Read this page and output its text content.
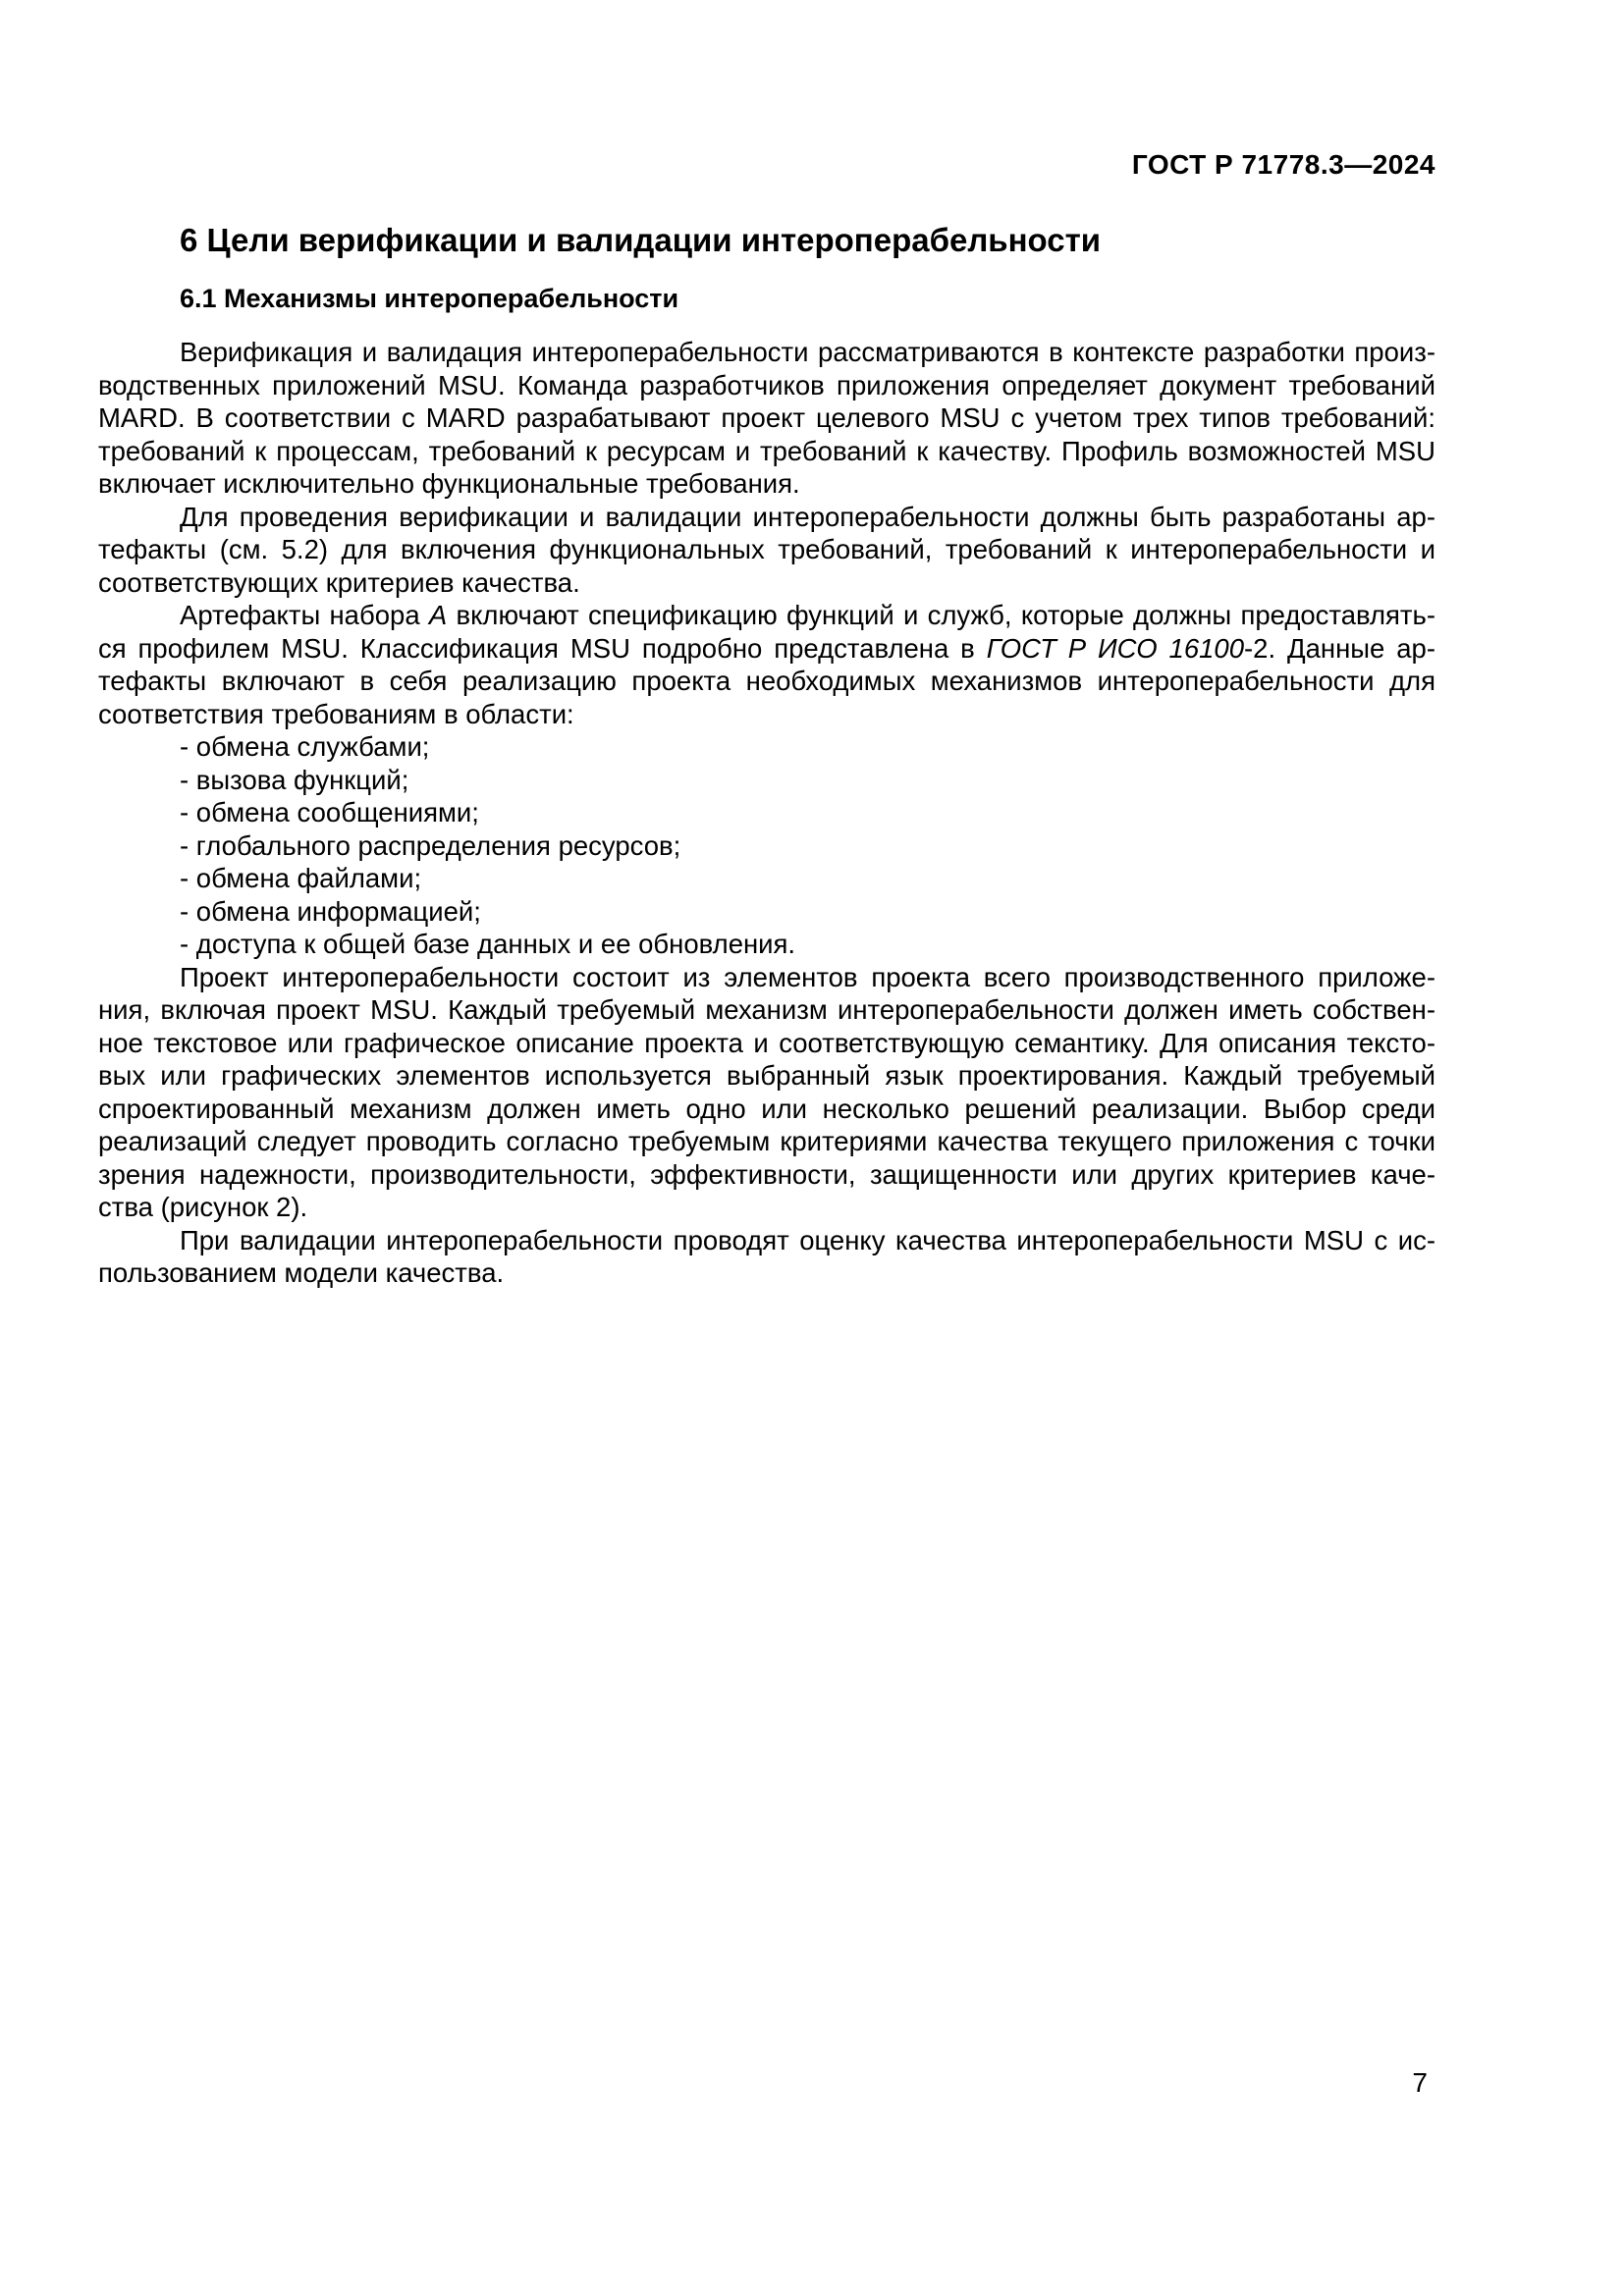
ГОСТ Р 71778.3—2024
6 Цели верификации и валидации интероперабельности
6.1 Механизмы интероперабельности
Верификация и валидация интероперабельности рассматриваются в контексте разработки произ-
водственных приложений MSU. Команда разработчиков приложения определяет документ требований
MARD. В соответствии с MARD разрабатывают проект целевого MSU с учетом трех типов требований:
требований к процессам, требований к ресурсам и требований к качеству. Профиль возможностей MSU
включает исключительно функциональные требования.
Для проведения верификации и валидации интероперабельности должны быть разработаны ар-
тефакты (см. 5.2) для включения функциональных требований, требований к интероперабельности и
соответствующих критериев качества.
Артефакты набора А включают спецификацию функций и служб, которые должны предоставлять-
ся профилем MSU. Классификация MSU подробно представлена в ГОСТ Р ИСО 16100-2. Данные ар-
тефакты включают в себя реализацию проекта необходимых механизмов интероперабельности для
соответствия требованиям в области:
- обмена службами;
- вызова функций;
- обмена сообщениями;
- глобального распределения ресурсов;
- обмена файлами;
- обмена информацией;
- доступа к общей базе данных и ее обновления.
Проект интероперабельности состоит из элементов проекта всего производственного приложе-
ния, включая проект MSU. Каждый требуемый механизм интероперабельности должен иметь собствен-
ное текстовое или графическое описание проекта и соответствующую семантику. Для описания тексто-
вых или графических элементов используется выбранный язык проектирования. Каждый требуемый
спроектированный механизм должен иметь одно или несколько решений реализации. Выбор среди
реализаций следует проводить согласно требуемым критериями качества текущего приложения с точки
зрения надежности, производительности, эффективности, защищенности или других критериев каче-
ства (рисунок 2).
При валидации интероперабельности проводят оценку качества интероперабельности MSU с ис-
пользованием модели качества.
7
